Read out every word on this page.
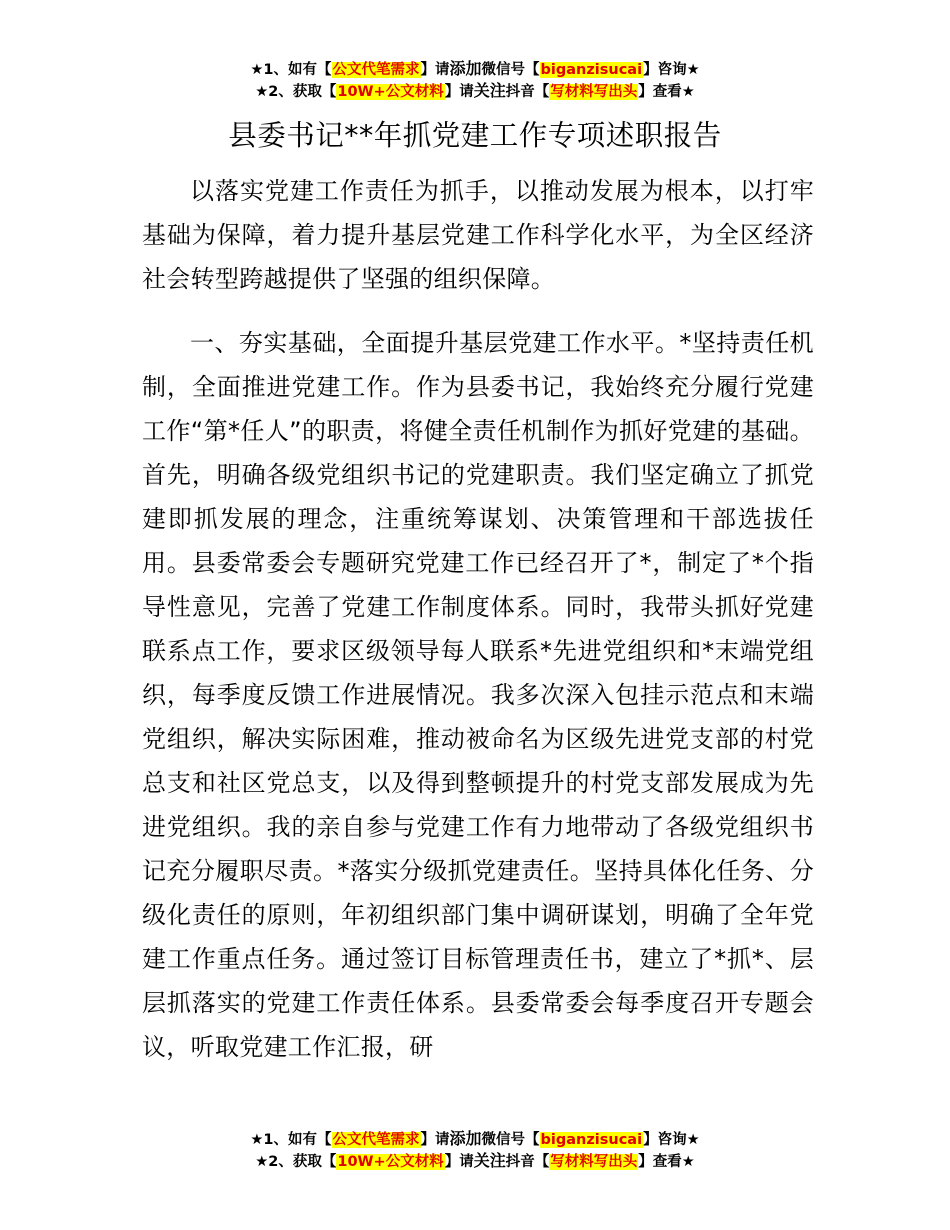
★1、如有【公文代笔需求】请添加微信号【biganzisucai】咨询★
★2、获取【10W+公文材料】请关注抖音【写材料写出头】查看★
县委书记**年抓党建工作专项述职报告

以落实党建工作责任为抓手，以推动发展为根本，以打牢基础为保障，着力提升基层党建工作科学化水平，为全区经济社会转型跨越提供了坚强的组织保障。

一、夯实基础，全面提升基层党建工作水平。*坚持责任机制，全面推进党建工作。作为县委书记，我始终充分履行党建工作“第*任人”的职责，将健全责任机制作为抓好党建的基础。首先，明确各级党组织书记的党建职责。我们坚定确立了抓党建即抓发展的理念，注重统筹谋划、决策管理和干部选拔任用。县委常委会专题研究党建工作已经召开了*，制定了*个指导性意见，完善了党建工作制度体系。同时，我带头抓好党建联系点工作，要求区级领导每人联系*先进党组织和*末端党组织，每季度反馈工作进展情况。我多次深入包挂示范点和末端党组织，解决实际困难，推动被命名为区级先进党支部的村党总支和社区党总支，以及得到整顿提升的村党支部发展成为先进党组织。我的亲自参与党建工作有力地带动了各级党组织书记充分履职尽责。*落实分级抓党建责任。坚持具体化任务、分级化责任的原则，年初组织部门集中调研谋划，明确了全年党建工作重点任务。通过签订目标管理责任书，建立了*抓*、层层抓落实的党建工作责任体系。县委常委会每季度召开专题会议，听取党建工作汇报，研

★1、如有【公文代笔需求】请添加微信号【biganzisucai】咨询★
★2、获取【10W+公文材料】请关注抖音【写材料写出头】查看★
